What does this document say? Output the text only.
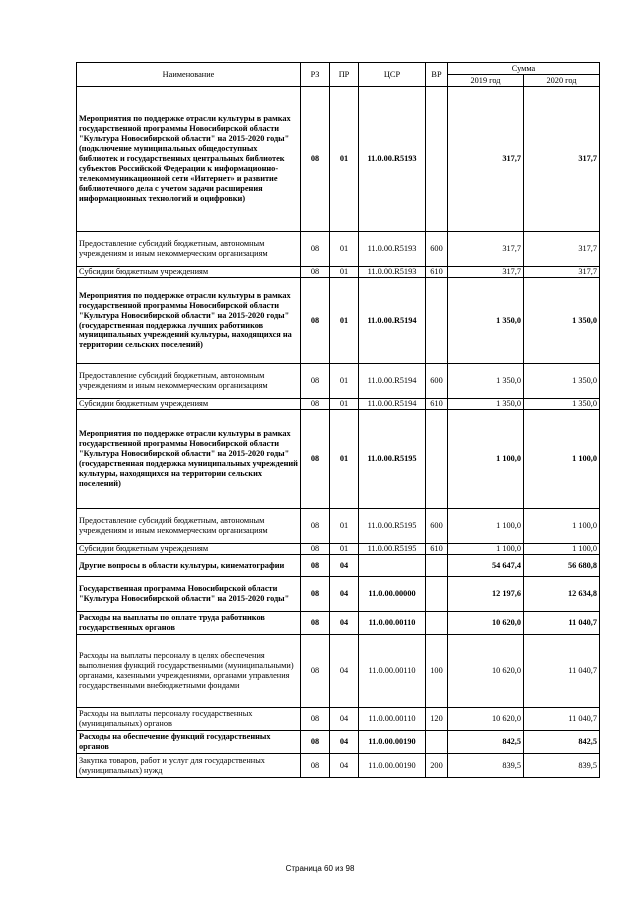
Наименование	РЗ	ПР	ЦСР	ВР	Сумма	
					2019 год	2020 год
Мероприятия по поддержке отрасли культуры в рамках государственной программы Новосибирской области "Культура Новосибирской области" на 2015-2020 годы" (подключение муниципальных общедоступных библиотек и государственных центральных библиотек субъектов Российской Федерации к информационно-телекоммуникационной сети «Интернет» и развитие библиотечного дела с учетом задачи расширения информационных технологий и оцифровки)	08	01	11.0.00.R5193		317,7	317,7
Предоставление субсидий бюджетным, автономным учреждениям и иным некоммерческим организациям	08	01	11.0.00.R5193	600	317,7	317,7
Субсидии бюджетным учреждениям	08	01	11.0.00.R5193	610	317,7	317,7
Мероприятия по поддержке отрасли культуры в рамках государственной программы Новосибирской области "Культура Новосибирской области" на 2015-2020 годы" (государственная поддержка лучших работников муниципальных учреждений культуры, находящихся на территории сельских поселений)	08	01	11.0.00.R5194		1 350,0	1 350,0
Предоставление субсидий бюджетным, автономным учреждениям и иным некоммерческим организациям	08	01	11.0.00.R5194	600	1 350,0	1 350,0
Субсидии бюджетным учреждениям	08	01	11.0.00.R5194	610	1 350,0	1 350,0
Мероприятия по поддержке отрасли культуры в рамках государственной программы Новосибирской области "Культура Новосибирской области" на 2015-2020 годы" (государственная поддержка муниципальных учреждений культуры, находящихся на территории сельских поселений)	08	01	11.0.00.R5195		1 100,0	1 100,0
Предоставление субсидий бюджетным, автономным учреждениям и иным некоммерческим организациям	08	01	11.0.00.R5195	600	1 100,0	1 100,0
Субсидии бюджетным учреждениям	08	01	11.0.00.R5195	610	1 100,0	1 100,0
Другие вопросы в области культуры, кинематографии	08	04			54 647,4	56 680,8
Государственная программа Новосибирской области "Культура Новосибирской области" на 2015-2020 годы"	08	04	11.0.00.00000		12 197,6	12 634,8
Расходы на выплаты по оплате труда работников государственных органов	08	04	11.0.00.00110		10 620,0	11 040,7
Расходы на выплаты персоналу в целях обеспечения выполнения функций государственными (муниципальными) органами, казенными учреждениями, органами управления государственными внебюджетными фондами	08	04	11.0.00.00110	100	10 620,0	11 040,7
Расходы на выплаты персоналу государственных (муниципальных) органов	08	04	11.0.00.00110	120	10 620,0	11 040,7
Расходы на обеспечение функций государственных органов	08	04	11.0.00.00190		842,5	842,5
Закупка товаров, работ и услуг для государственных (муниципальных) нужд	08	04	11.0.00.00190	200	839,5	839,5
Страница 60 из 98
